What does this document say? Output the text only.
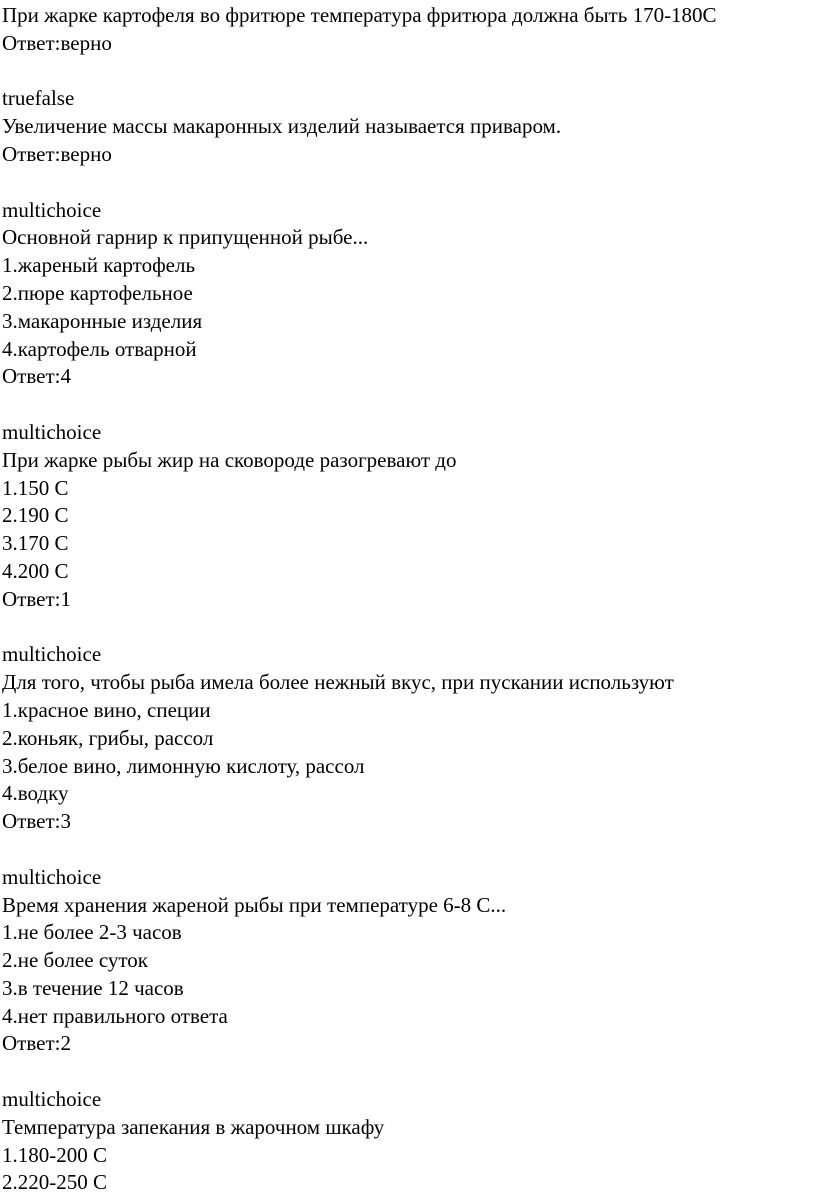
При жарке картофеля во фритюре температура фритюра должна быть 170-180С
Ответ:верно
truefalse
Увеличение массы макаронных изделий называется приваром.
Ответ:верно
multichoice
Основной гарнир к припущенной рыбе...
1.жареный картофель
2.пюре картофельное
3.макаронные изделия
4.картофель отварной
Ответ:4
multichoice
При жарке рыбы жир на сковороде разогревают до
1.150 С
2.190 С
3.170 С
4.200 С
Ответ:1
multichoice
Для того, чтобы рыба имела более нежный вкус, при пускании используют
1.красное вино, специи
2.коньяк, грибы, рассол
3.белое вино, лимонную кислоту, рассол
4.водку
Ответ:3
multichoice
Время хранения жареной рыбы при температуре 6-8 С...
1.не более 2-3 часов
2.не более суток
3.в течение 12 часов
4.нет правильного ответа
Ответ:2
multichoice
Температура запекания в жарочном шкафу
1.180-200 С
2.220-250 С
